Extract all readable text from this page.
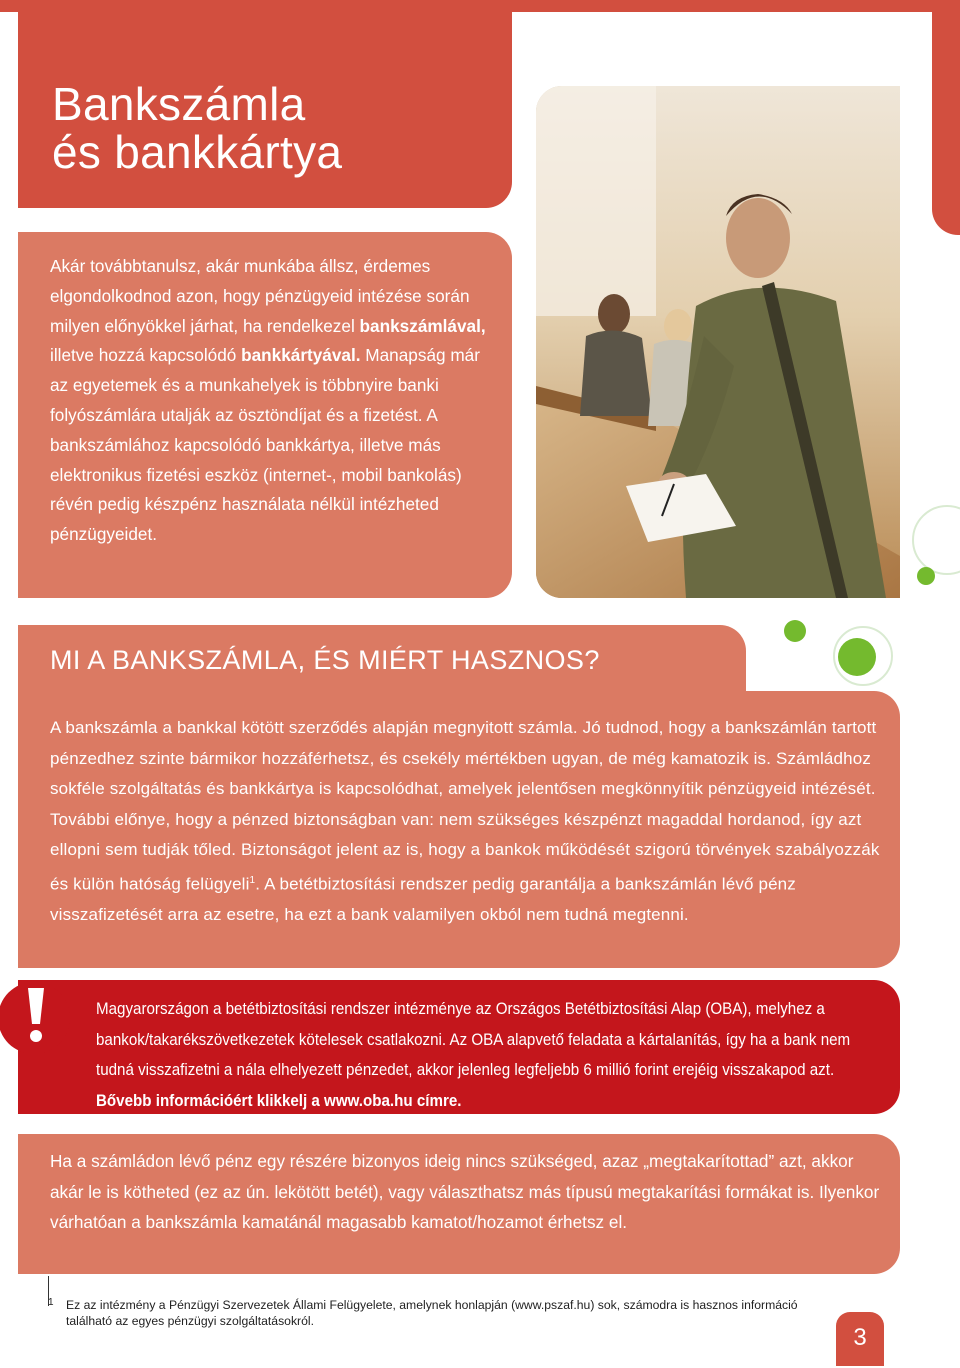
Bankszámla
és bankkártya
Akár továbbtanulsz, akár munkába állsz, érdemes elgondolkodnod azon, hogy pénzügyeid intézése során milyen előnyökkel járhat, ha rendelkezel bankszámlával, illetve hozzá kapcsolódó bankkártyával. Manapság már az egyetemek és a munkahelyek is többnyire banki folyószámlára utalják az ösztöndíjat és a fizetést. A bankszámlához kapcsolódó bankkártya, illetve más elektronikus fizetési eszköz (internet-, mobil bankolás) révén pedig készpénz használata nélkül intézheted pénzügyeidet.
MI A BANKSZÁMLA, ÉS MIÉRT HASZNOS?
A bankszámla a bankkal kötött szerződés alapján megnyitott számla. Jó tudnod, hogy a bankszámlán tartott pénzedhez szinte bármikor hozzáférhetsz, és csekély mértékben ugyan, de még kamatozik is. Számládhoz sokféle szolgáltatás és bankkártya is kapcsolódhat, amelyek jelentősen megkönnyítik pénzügyeid intézését. További előnye, hogy a pénzed biztonságban van: nem szükséges készpénzt magaddal hordanod, így azt ellopni sem tudják tőled. Biztonságot jelent az is, hogy a bankok működését szigorú törvények szabályozzák és külön hatóság felügyeli$^1$. A betétbiztosítási rendszer pedig garantálja a bankszámlán lévő pénz visszafizetését arra az esetre, ha ezt a bank valamilyen okból nem tudná megtenni.
Magyarországon a betétbiztosítási rendszer intézménye az Országos Betétbiztosítási Alap (OBA), melyhez a bankok/takarékszövetkezetek kötelesek csatlakozni. Az OBA alapvető feladata a kártalanítás, így ha a bank nem tudná visszafizetni a nála elhelyezett pénzedet, akkor jelenleg legfeljebb 6 millió forint erejéig visszakapod azt. Bővebb információért klikkelj a www.oba.hu címre.
Ha a számládon lévő pénz egy részére bizonyos ideig nincs szükséged, azaz „megtakarítottad” azt, akkor akár le is kötheted (ez az ún. lekötött betét), vagy választhatsz más típusú megtakarítási formákat is. Ilyenkor várhatóan a bankszámla kamatánál magasabb kamatot/hozamot érhetsz el.
$^1$ Ez az intézmény a Pénzügyi Szervezetek Állami Felügyelete, amelynek honlapján (www.pszaf.hu) sok, számodra is hasznos információ található az egyes pénzügyi szolgáltatásokról.
3
